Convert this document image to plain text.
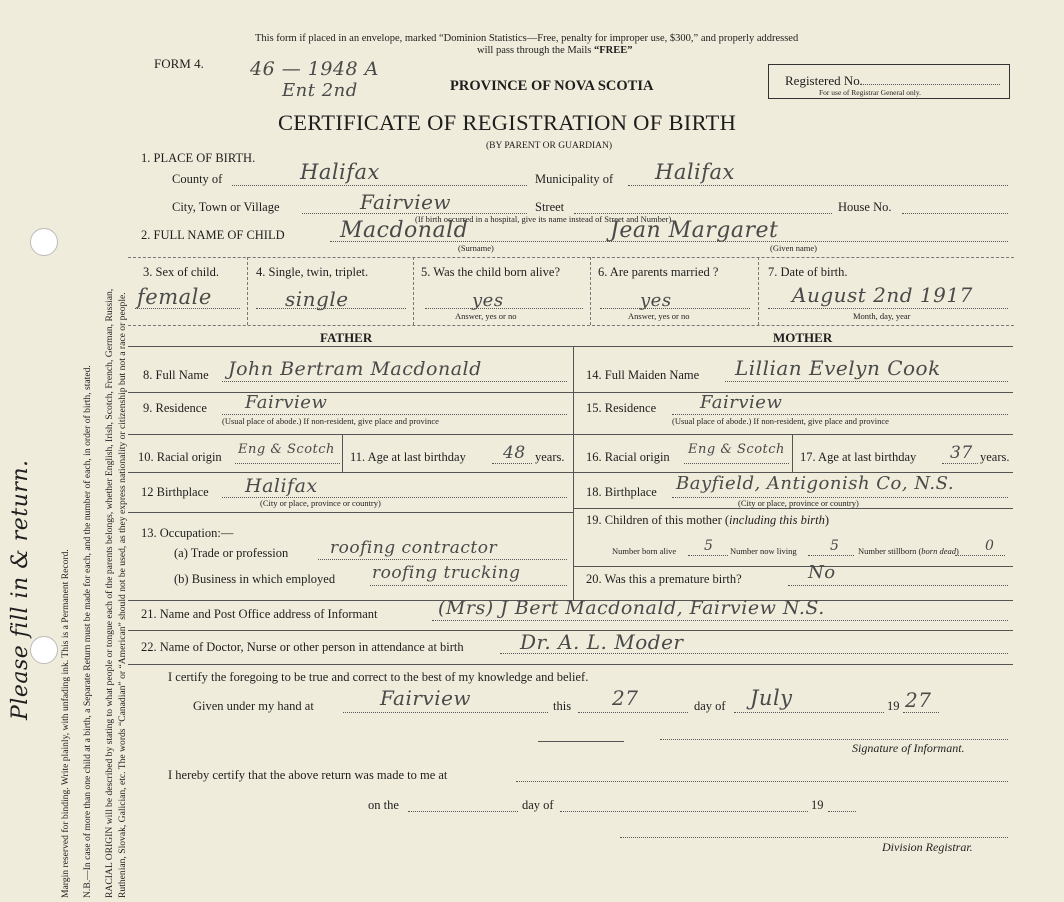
Margin reserved for binding. Write plainly, with unfading ink. This is a Permanent Record. N.B.—In case of more than one child at a birth, a Separate Return must be made for each, and the number of each, in order of birth, stated. RACIAL ORIGIN will be described by stating to what people or tongue each of the parents belongs, whether English, Irish, Scotch, French, German, Russian, Ruthenian, Slovak, Galician, etc. The words “Canadian” or “American” should not be used, as they express nationality or citizenship but not a race or people.
Please fill in & return.
This form if placed in an envelope, marked “Dominion Statistics—Free, penalty for improper use, $300,” and properly addressed
will pass through the Mails “FREE”
FORM 4. 46 — 1948 A
Ent 2nd	PROVINCE OF NOVA SCOTIA	Registered No.
For use of Registrar General only.
CERTIFICATE OF REGISTRATION OF BIRTH
(BY PARENT OR GUARDIAN)
1. PLACE OF BIRTH.
County of	Halifax	Municipality of Halifax
City, Town or Village	Fairview	Street	House No.
(If birth occurred in a hospital, give its name instead of Street and Number)
2. FULL NAME OF CHILD	Macdonald	Jean Margaret
(Surname)	(Given name)
3. Sex of child.	4. Single, twin, triplet.	5. Was the child born alive?	6. Are parents married ?	7. Date of birth.
female	single	yes	yes	August 2nd 1917
Answer, yes or no	Answer, yes or no	Month, day, year
FATHER	MOTHER
8. Full Name John Bertram Macdonald
9. Residence Fairview
(Usual place of abode.) If non-resident, give place and province
10. Racial origin Eng & Scotch 11. Age at last birthday 48 years.
12 Birthplace Halifax
(City or place, province or country)
13. Occupation:—
(a) Trade or profession roofing contractor
(b) Business in which employed roofing trucking
14. Full Maiden Name Lillian Evelyn Cook
15. Residence Fairview
(Usual place of abode.) If non-resident, give place and province
16. Racial origin Eng & Scotch 17. Age at last birthday 37 years.
18. Birthplace Bayfield, Antigonish Co, N.S.
(City or place, province or country)
19. Children of this mother (including this birth)
Number born alive 5 Number now living 5 Number stillborn (born dead) 0
20. Was this a premature birth?	No
21. Name and Post Office address of Informant	(Mrs) J Bert Macdonald, Fairview N.S.
22. Name of Doctor, Nurse or other person in attendance at birth	Dr. A. L. Moder
I certify the foregoing to be true and correct to the best of my knowledge and belief.
Given under my hand at	Fairview	this 27	day of July	19 27
Signature of Informant.
I hereby certify that the above return was made to me at
on the	day of	19
Division Registrar.
